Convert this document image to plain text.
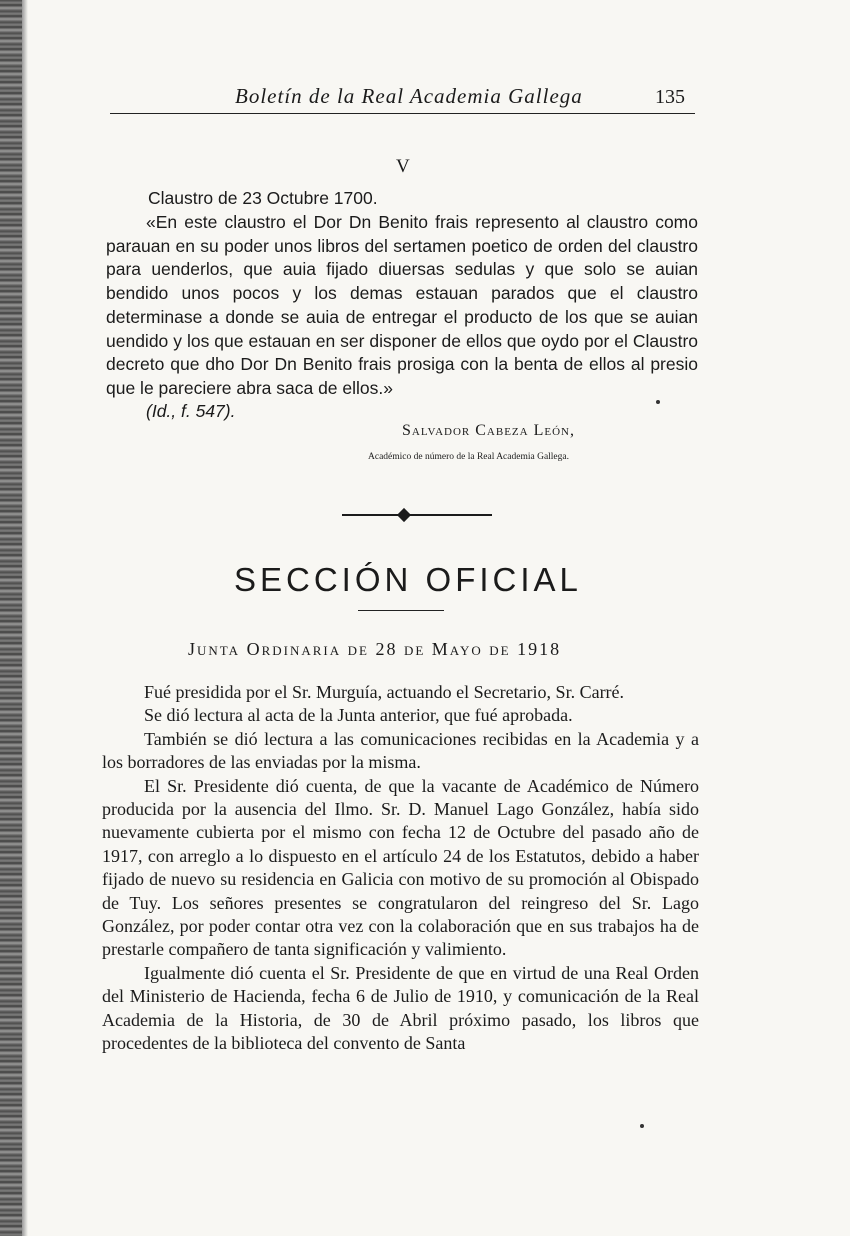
Boletín de la Real Academia Gallega	135
V
Claustro de 23 Octubre 1700.

«En este claustro el Dor Dn Benito frais represento al claustro como parauan en su poder unos libros del sertamen poetico de orden del claustro para uenderlos, que auia fijado diuersas sedulas y que solo se auian bendido unos pocos y los demas estauan parados que el claustro determinase a donde se auia de entregar el producto de los que se auian uendido y los que estauan en ser disponer de ellos que oydo por el Claustro decreto que dho Dor Dn Benito frais prosiga con la benta de ellos al presio que le pareciere abra saca de ellos.»

(Id., f. 547).
Salvador Cabeza León,
Académico de número de la Real Academia Gallega.
SECCIÓN OFICIAL
Junta Ordinaria de 28 de Mayo de 1918

Fué presidida por el Sr. Murguía, actuando el Secretario, Sr. Carré.

Se dió lectura al acta de la Junta anterior, que fué aprobada.

También se dió lectura a las comunicaciones recibidas en la Academia y a los borradores de las enviadas por la misma.

El Sr. Presidente dió cuenta, de que la vacante de Académico de Número producida por la ausencia del Ilmo. Sr. D. Manuel Lago González, había sido nuevamente cubierta por el mismo con fecha 12 de Octubre del pasado año de 1917, con arreglo a lo dispuesto en el artículo 24 de los Estatutos, debido a haber fijado de nuevo su residencia en Galicia con motivo de su promoción al Obispado de Tuy. Los señores presentes se congratularon del reingreso del Sr. Lago González, por poder contar otra vez con la colaboración que en sus trabajos ha de prestarle compañero de tanta significación y valimiento.

Igualmente dió cuenta el Sr. Presidente de que en virtud de una Real Orden del Ministerio de Hacienda, fecha 6 de Julio de 1910, y comunicación de la Real Academia de la Historia, de 30 de Abril próximo pasado, los libros que procedentes de la biblioteca del convento de Santa
